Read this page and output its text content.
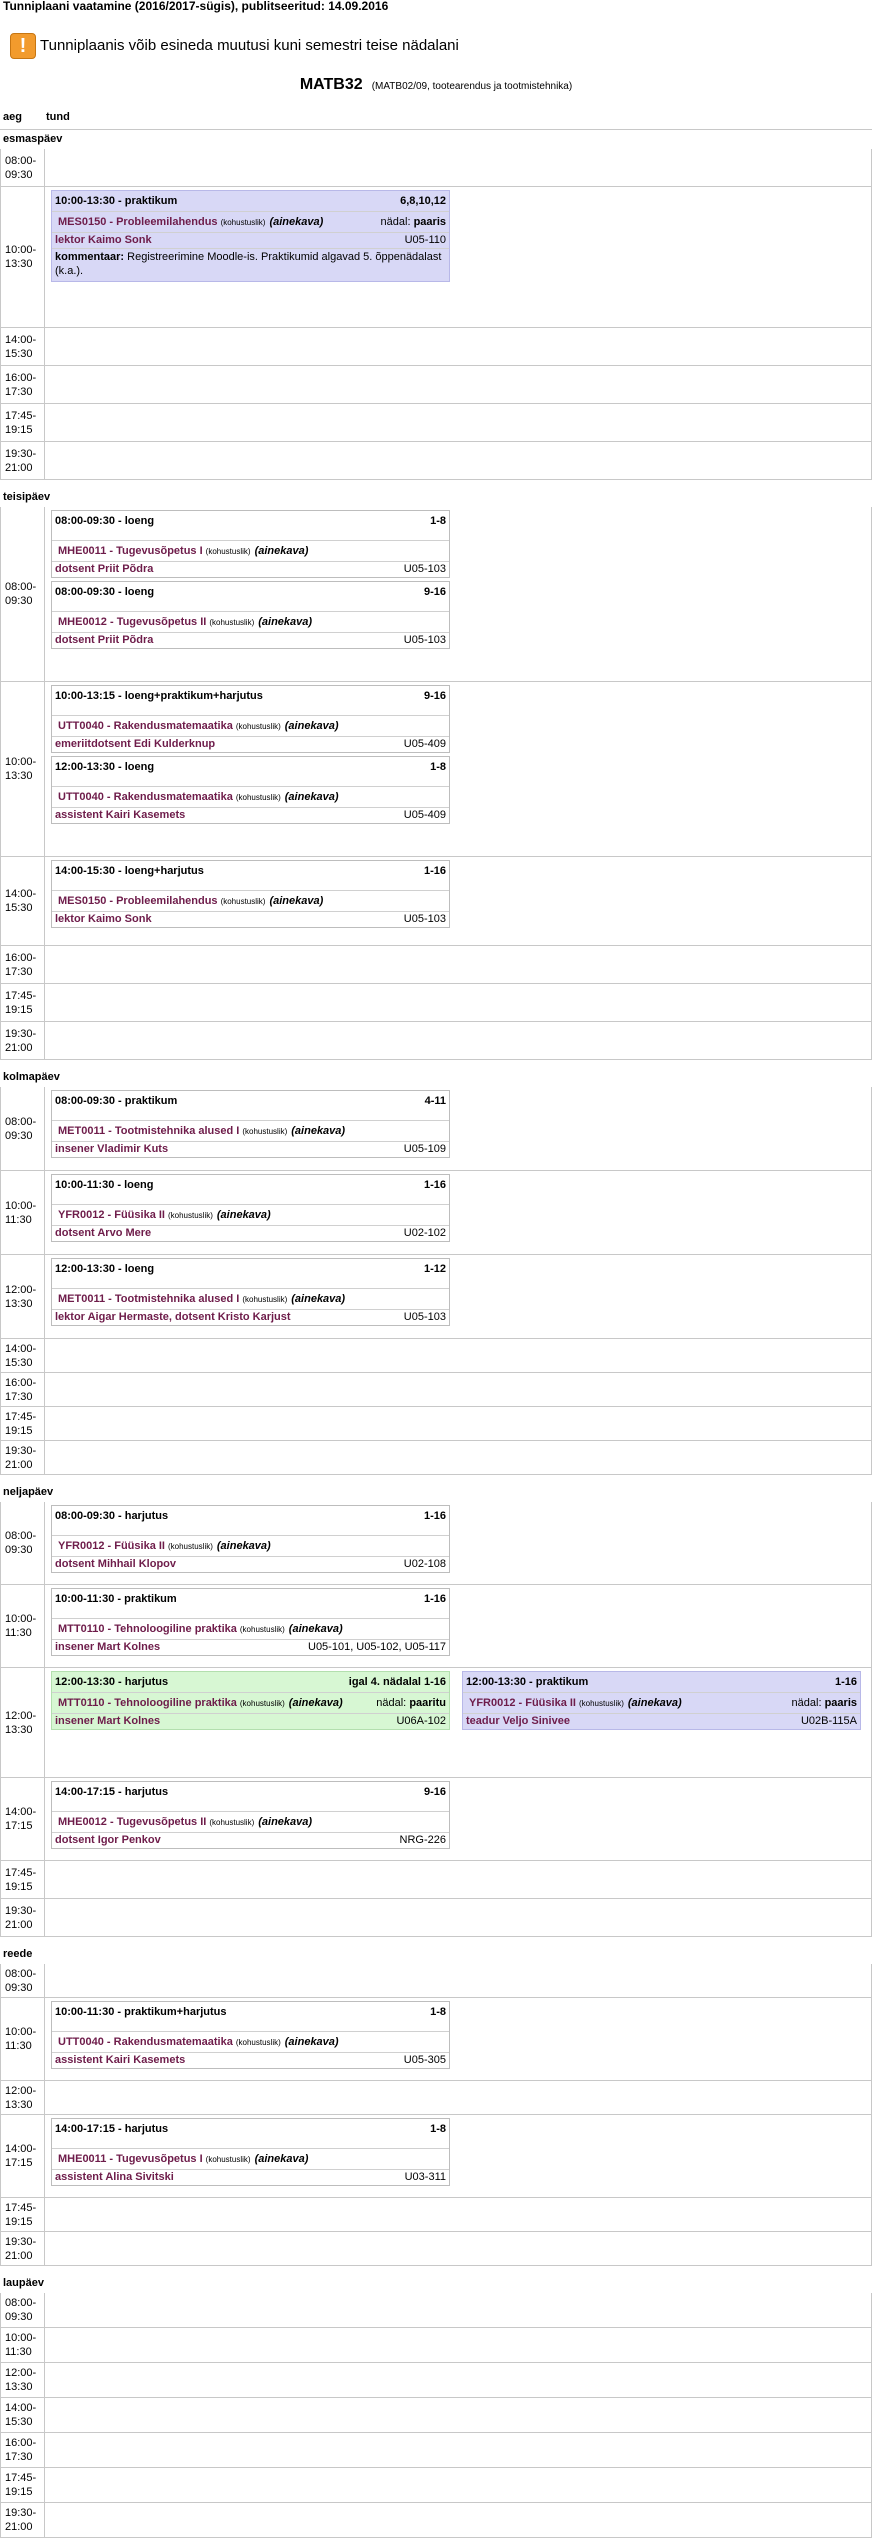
Tunniplaani vaatamine (2016/2017-sügis), publitseeritud: 14.09.2016
! Tunniplaanis võib esineda muutusi kuni semestri teise nädalani
MATB32 (MATB02/09, tootearendus ja tootmistehnika)
aeg tund
esmaspäev
08:00-09:30
10:00-13:30
10:00-13:30 - praktikum	6,8,10,12
MES0150 - Probleemilahendus (kohustuslik) (ainekava)	nädal: paaris
lektor Kaimo Sonk	U05-110
kommentaar: Registreerimine Moodle-is. Praktikumid algavad 5. õppenädalast (k.a.).
14:00-15:30
16:00-17:30
17:45-19:15
19:30-21:00
teisipäev
08:00-09:30
08:00-09:30 - loeng	1-8
MHE0011 - Tugevusõpetus I (kohustuslik) (ainekava)
dotsent Priit Põdra	U05-103
08:00-09:30 - loeng	9-16
MHE0012 - Tugevusõpetus II (kohustuslik) (ainekava)
dotsent Priit Põdra	U05-103
10:00-13:30
10:00-13:15 - loeng+praktikum+harjutus	9-16
UTT0040 - Rakendusmatemaatika (kohustuslik) (ainekava)
emeriitdotsent Edi Kulderknup	U05-409
12:00-13:30 - loeng	1-8
UTT0040 - Rakendusmatemaatika (kohustuslik) (ainekava)
assistent Kairi Kasemets	U05-409
14:00-15:30
14:00-15:30 - loeng+harjutus	1-16
MES0150 - Probleemilahendus (kohustuslik) (ainekava)
lektor Kaimo Sonk	U05-103
16:00-17:30
17:45-19:15
19:30-21:00
kolmapäev
08:00-09:30
08:00-09:30 - praktikum	4-11
MET0011 - Tootmistehnika alused I (kohustuslik) (ainekava)
insener Vladimir Kuts	U05-109
10:00-11:30
10:00-11:30 - loeng	1-16
YFR0012 - Füüsika II (kohustuslik) (ainekava)
dotsent Arvo Mere	U02-102
12:00-13:30
12:00-13:30 - loeng	1-12
MET0011 - Tootmistehnika alused I (kohustuslik) (ainekava)
lektor Aigar Hermaste, dotsent Kristo Karjust	U05-103
14:00-15:30
16:00-17:30
17:45-19:15
19:30-21:00
neljapäev
08:00-09:30
08:00-09:30 - harjutus	1-16
YFR0012 - Füüsika II (kohustuslik) (ainekava)
dotsent Mihhail Klopov	U02-108
10:00-11:30
10:00-11:30 - praktikum	1-16
MTT0110 - Tehnoloogiline praktika (kohustuslik) (ainekava)
insener Mart Kolnes	U05-101, U05-102, U05-117
12:00-13:30
12:00-13:30 - harjutus	igal 4. nädalal 1-16
MTT0110 - Tehnoloogiline praktika (kohustuslik) (ainekava)	nädal: paaritu
insener Mart Kolnes	U06A-102
12:00-13:30 - praktikum	1-16
YFR0012 - Füüsika II (kohustuslik) (ainekava)	nädal: paaris
teadur Veljo Sinivee	U02B-115A
14:00-17:15
14:00-17:15 - harjutus	9-16
MHE0012 - Tugevusõpetus II (kohustuslik) (ainekava)
dotsent Igor Penkov	NRG-226
17:45-19:15
19:30-21:00
reede
08:00-09:30
10:00-11:30
10:00-11:30 - praktikum+harjutus	1-8
UTT0040 - Rakendusmatemaatika (kohustuslik) (ainekava)
assistent Kairi Kasemets	U05-305
12:00-13:30
14:00-17:15
14:00-17:15 - harjutus	1-8
MHE0011 - Tugevusõpetus I (kohustuslik) (ainekava)
assistent Alina Sivitski	U03-311
17:45-19:15
19:30-21:00
laupäev
08:00-09:30
10:00-11:30
12:00-13:30
14:00-15:30
16:00-17:30
17:45-19:15
19:30-21:00
